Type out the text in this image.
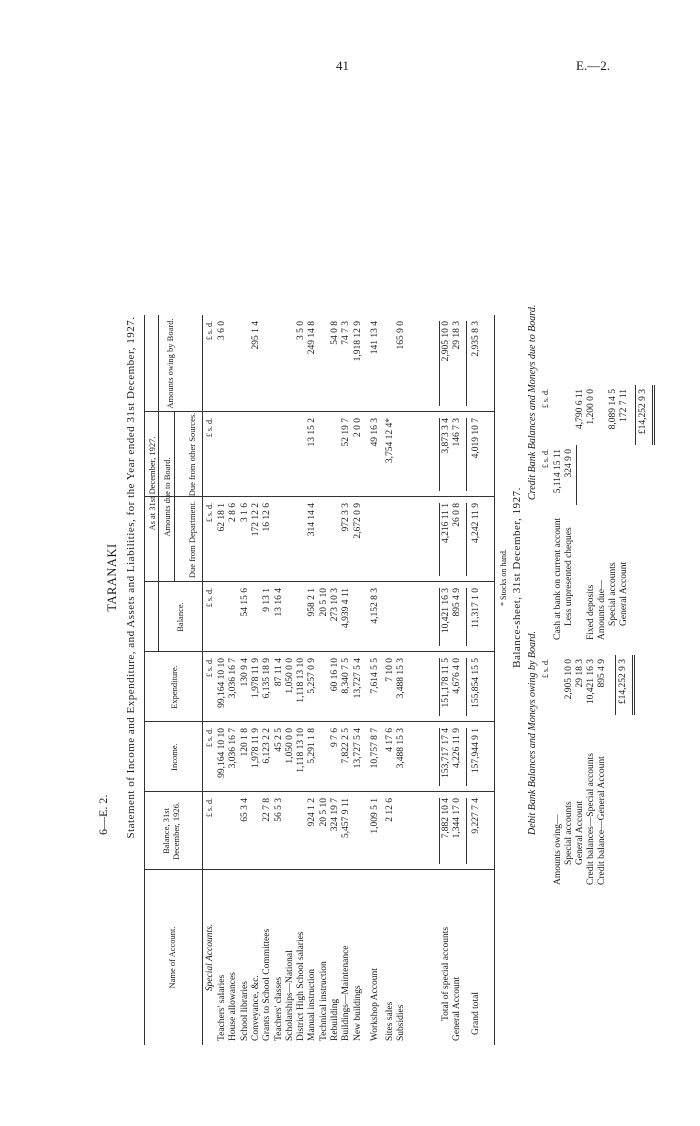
41	E.—2.
6—E. 2.
TARANAKI Statement of Income and Expenditure, and Assets and Liabilities, for the Year ended 31st December, 1927.	Balance-sheet, 31st December, 1927.
Debit Bank Balances and Moneys owing by Board.
Credit Bank Balances and Moneys due to Board.
Name of Account.
Balance, 31st December, 1926.
Income.
Expenditure.
As at 31st December, 1927.
Balance.
Amounts due to Board.
Due from Department.
Due from other Sources.
Amounts owing by Board.
£ s. d.
£ s. d.
£ s. d.
£ s. d.
£ s. d.
£ s. d.
£ s. d.
Special Accounts.
Teachers' salaries
99,164 10 10
99,164 10 10
62 18 1
3 6 0
House allowances
3,036 16 7
3,036 16 7
2 8 6
School libraries
65 3 4
120 1 8
130 9 4
54 15 6
3 1 6
Conveyance, &c.
1,978 11 9
1,978 11 9
172 12 2
295 1 4
Grants to School Committees
22 7 8
6,123 2 2
6,135 18 9
9 13 1
16 12 6
Teachers' classes
56 5 3
45 2 5
87 11 4
13 16 4
Scholarships—National
1,050 0 0
1,050 0 0
District High School salaries
1,118 13 10
1,118 13 10
3 5 0
Manual instruction
924 1 2
5,291 1 8
5,257 0 9
958 2 1
314 14 4
13 15 2
249 14 8
Technical instruction
20 5 10
20 5 10
Rebuilding
324 19 7
9 7 6
60 16 10
273 10 3
54 0 8
Buildings—Maintenance
5,457 9 11
7,822 2 5
8,340 7 5
4,939 4 11
972 3 3
52 19 7
74 7 3
New buildings
13,727 5 4
13,727 5 4
2,672 0 9
2 0 0
1,918 12 9
Workshop Account
1,009 5 1
10,757 8 7
7,614 5 5
4,152 8 3
49 16 3
141 13 4
Sites sales
2 12 6
4 17 6
7 10 0
3,754 12 4*
Subsidies
3,488 15 3
3,488 15 3
165 9 0
Total of special accounts
7,882 10 4
153,717 17 4
151,178 11 5
10,421 16 3
4,216 11 1
3,873 3 4
2,905 10 0
General Account
1,344 17 0
4,226 11 9
4,676 4 0
895 4 9
26 0 8
146 7 3
29 18 3
Grand total
9,227 7 4
157,944 9 1
155,854 15 5
11,317 1 0
4,242 11 9
4,019 10 7
2,935 8 3
* Stocks on hand.
£ s. d.
Amounts owing— Special accounts
2,905 10 0
General Account
29 18 3
Credit balances—Special accounts
10,421 16 3
Credit balance—General Account
895 4 9 £14,252 9 3
£ s. d.
£ s. d.
Cash at bank on current account
5,114 15 11
Less unpresented cheques
324 9 0
4,790 6 11
Fixed deposits
1,200 0 0
Amounts due— Special accounts
8,089 14 5
General Account
172 7 11 £14,252 9 3
